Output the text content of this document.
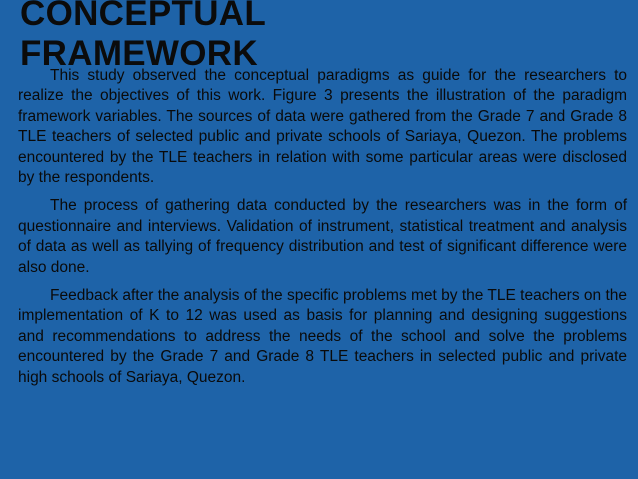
CONCEPTUAL FRAMEWORK

This study observed the conceptual paradigms as guide for the researchers to realize the objectives of this work. Figure 3 presents the illustration of the paradigm framework variables. The sources of data were gathered from the Grade 7 and Grade 8 TLE teachers of selected public and private schools of Sariaya, Quezon. The problems encountered by the TLE teachers in relation with some particular areas were disclosed by the respondents.

The process of gathering data conducted by the researchers was in the form of questionnaire and interviews. Validation of instrument, statistical treatment and analysis of data as well as tallying of frequency distribution and test of significant difference were also done.

Feedback after the analysis of the specific problems met by the TLE teachers on the implementation of K to 12 was used as basis for planning and designing suggestions and recommendations to address the needs of the school and solve the problems encountered by the Grade 7 and Grade 8 TLE teachers in selected public and private high schools of Sariaya, Quezon.
